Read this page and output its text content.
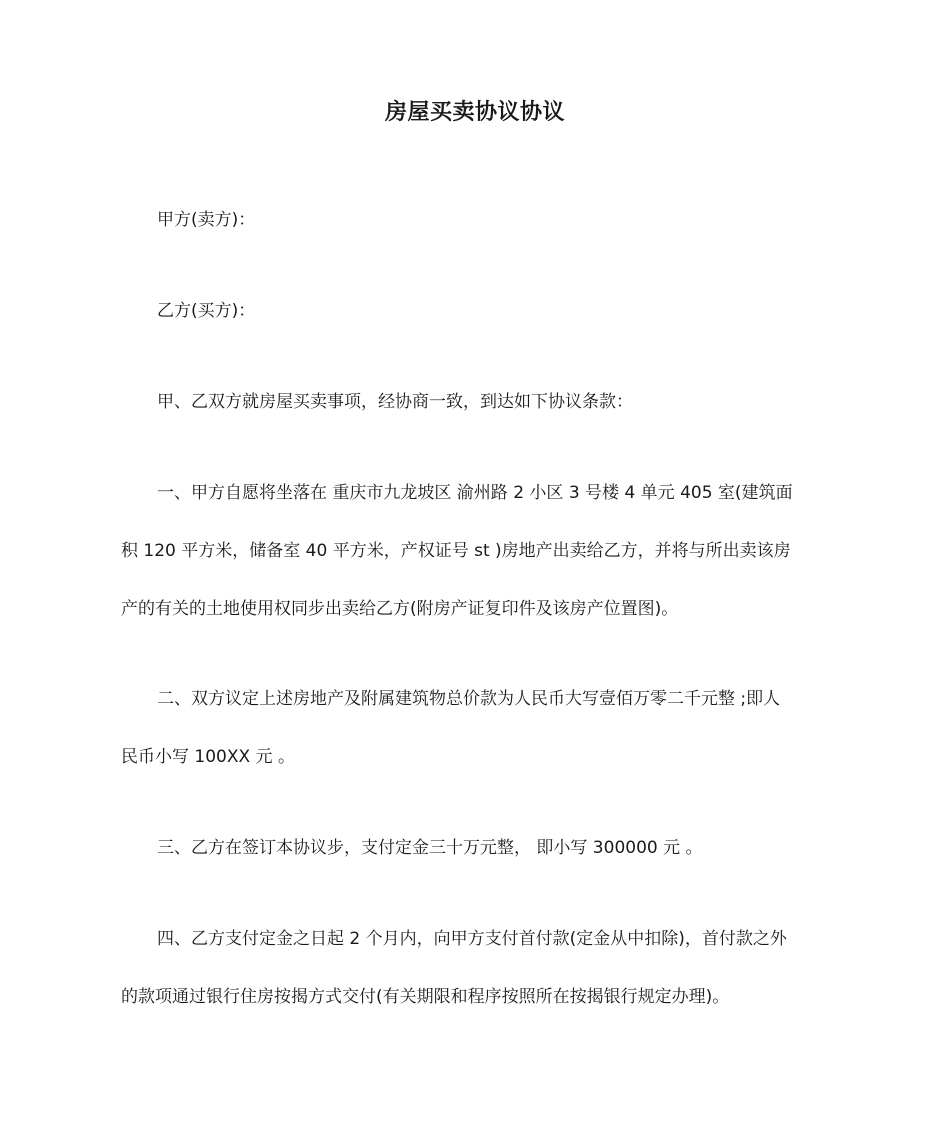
房屋买卖协议协议

甲方(卖方)：

乙方(买方)：

甲、乙双方就房屋买卖事项，经协商一致，到达如下协议条款：

一、甲方自愿将坐落在 重庆市九龙坡区 渝州路 2 小区 3 号楼 4 单元 405 室(建筑面
积 120 平方米，储备室 40 平方米，产权证号 st )房地产出卖给乙方，并将与所出卖该房
产的有关的土地使用权同步出卖给乙方(附房产证复印件及该房产位置图)。

二、双方议定上述房地产及附属建筑物总价款为人民币大写壹佰万零二千元整 ;即人
民币小写 100XX 元 。

三、乙方在签订本协议步，支付定金三十万元整， 即小写 300000 元 。

四、乙方支付定金之日起 2 个月内，向甲方支付首付款(定金从中扣除)，首付款之外
的款项通过银行住房按揭方式交付(有关期限和程序按照所在按揭银行规定办理)。
